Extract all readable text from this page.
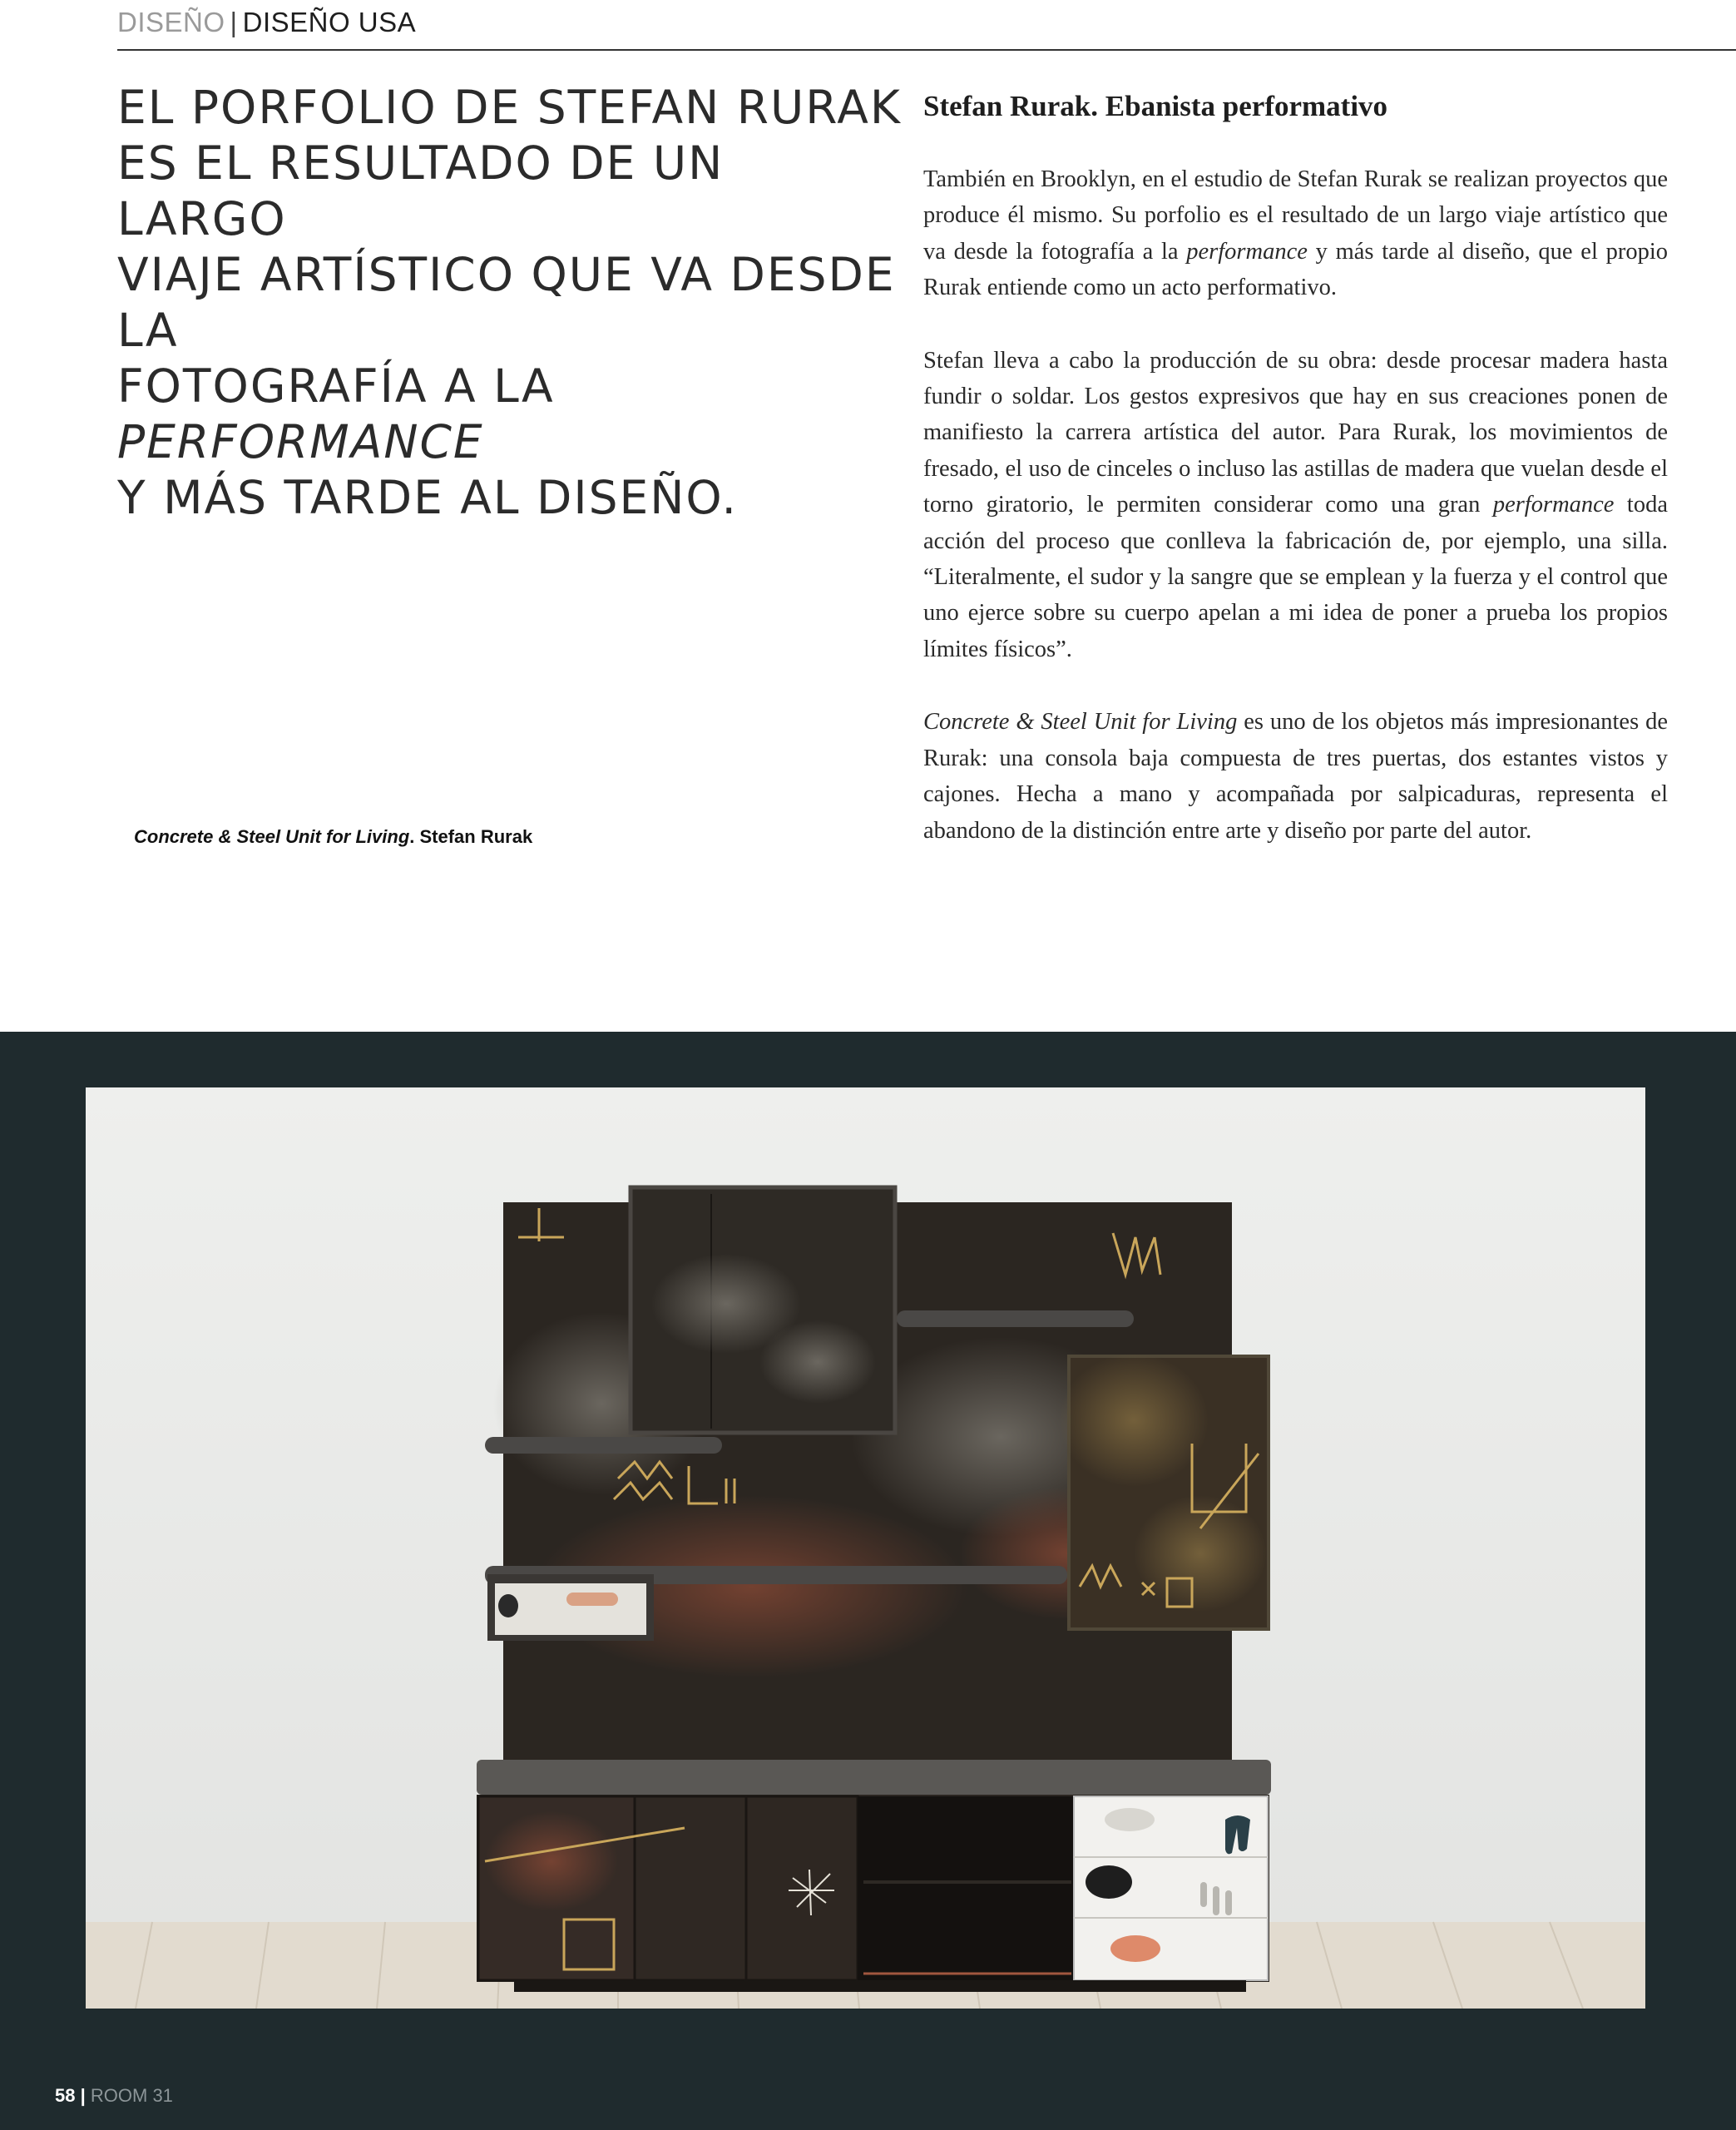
DISEÑO | DISEÑO USA
EL PORFOLIO DE STEFAN RURAK
ES EL RESULTADO DE UN LARGO
VIAJE ARTÍSTICO QUE VA DESDE LA
FOTOGRAFÍA A LA PERFORMANCE
Y MÁS TARDE AL DISEÑO.
Concrete & Steel Unit for Living. Stefan Rurak
Stefan Rurak. Ebanista performativo

También en Brooklyn, en el estudio de Stefan Rurak se realizan proyectos que produce él mismo. Su porfolio es el resultado de un largo viaje artístico que va desde la fotografía a la performance y más tarde al diseño, que el propio Rurak entiende como un acto performativo.

Stefan lleva a cabo la producción de su obra: desde procesar madera hasta fundir o soldar. Los gestos expresivos que hay en sus creaciones ponen de manifiesto la carrera artística del autor. Para Rurak, los movimientos de fresado, el uso de cinceles o incluso las astillas de madera que vuelan desde el torno giratorio, le permiten considerar como una gran performance toda acción del proceso que conlleva la fabricación de, por ejemplo, una silla. “Literalmente, el sudor y la sangre que se emplean y la fuerza y el control que uno ejerce sobre su cuerpo apelan a mi idea de poner a prueba los propios límites físicos”.

Concrete & Steel Unit for Living es uno de los objetos más impresionantes de Rurak: una consola baja compuesta de tres puertas, dos estantes vistos y cajones. Hecha a mano y acompañada por salpicaduras, representa el abandono de la distinción entre arte y diseño por parte del autor.

58 | ROOM 31
